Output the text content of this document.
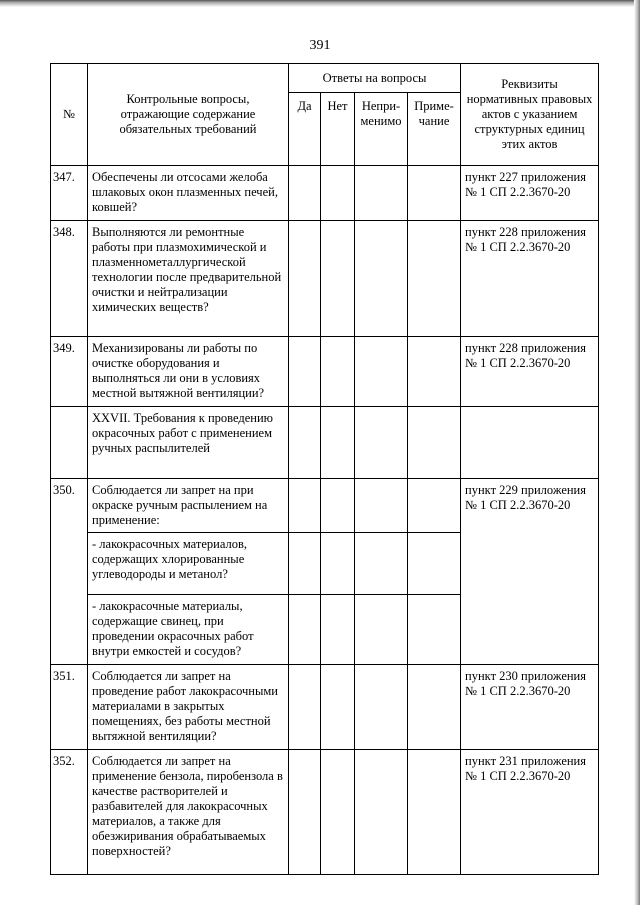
391
№	Контрольные вопросы, отражающие содержание обязательных требований	Ответы на вопросы				Реквизиты нормативных правовых актов с указанием структурных единиц этих актов
		Да	Нет	Непри-менимо	Приме-чание	
347.	Обеспечены ли отсосами желоба шлаковых окон плазменных печей, ковшей?					пункт 227 приложения № 1 СП 2.2.3670-20
348.	Выполняются ли ремонтные работы при плазмохимической и плазменнометаллургической технологии после предварительной очистки и нейтрализации химических веществ?					пункт 228 приложения № 1 СП 2.2.3670-20
349.	Механизированы ли работы по очистке оборудования и выполняться ли они в условиях местной вытяжной вентиляции?					пункт 228 приложения № 1 СП 2.2.3670-20
	XXVII. Требования к проведению окрасочных работ с применением ручных распылителей					
350.	Соблюдается ли запрет на при окраске ручным распылением на применение:					пункт 229 приложения № 1 СП 2.2.3670-20
	- лакокрасочных материалов, содержащих хлорированные углеводороды и метанол?					
	- лакокрасочные материалы, содержащие свинец, при проведении окрасочных работ внутри емкостей и сосудов?					
351.	Соблюдается ли запрет на проведение работ лакокрасочными материалами в закрытых помещениях, без работы местной вытяжной вентиляции?					пункт 230 приложения № 1 СП 2.2.3670-20
352.	Соблюдается ли запрет на применение бензола, пиробензола в качестве растворителей и разбавителей для лакокрасочных материалов, а также для обезжиривания обрабатываемых поверхностей?					пункт 231 приложения № 1 СП 2.2.3670-20
